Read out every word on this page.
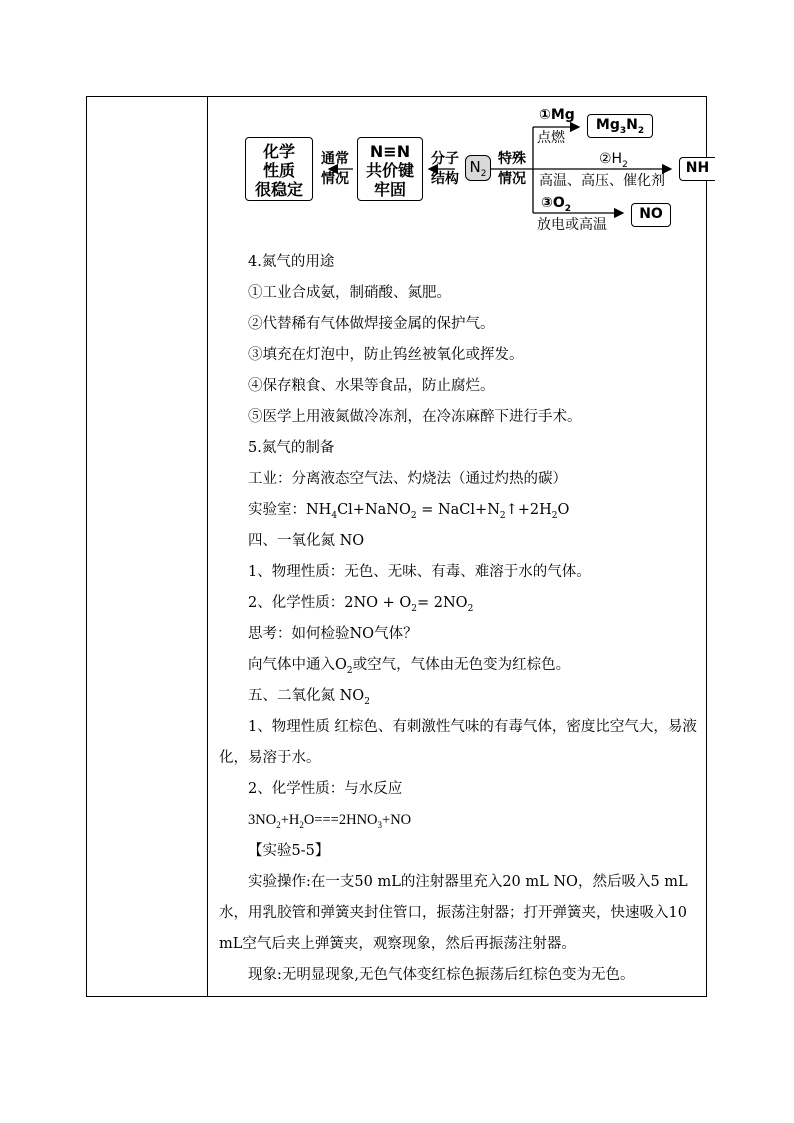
化学
性质
很稳定
通常
情况
N≡N
共价键
牢固
分子
结构
$N_2$
特殊
情况
①Mg
点燃
$Mg_3N_2$
$②H_2$
高温、高压、催化剂
NH
$③O_2$
放电或高温
NO

4.氮气的用途

①工业合成氨，制硝酸、氮肥。

②代替稀有气体做焊接金属的保护气。

③填充在灯泡中，防止钨丝被氧化或挥发。

④保存粮食、水果等食品，防止腐烂。

⑤医学上用液氮做冷冻剂，在冷冻麻醉下进行手术。

5.氮气的制备

工业：分离液态空气法、灼烧法（通过灼热的碳）

实验室：$NH_4Cl+NaNO_2$ = $NaCl+N_2↑+2H_2O$

四、一氧化氮 NO

1、物理性质：无色、无味、有毒、难溶于水的气体。

2、化学性质：$2NO + O_2= 2NO_2$

思考：如何检验NO气体？

向气体中通入$O_2$或空气，气体由无色变为红棕色。

五、二氧化氮 $NO_2$

1、物理性质 红棕色、有刺激性气味的有毒气体，密度比空气大，易液化，易溶于水。

2、化学性质：与水反应

$3NO_2+H_2O===2HNO_3+NO$

【实验5-5】

实验操作:在一支50 mL的注射器里充入20 mL NO，然后吸入5 mL水，用乳胶管和弹簧夹封住管口，振荡注射器；打开弹簧夹，快速吸入10 mL空气后夹上弹簧夹，观察现象，然后再振荡注射器。

现象:无明显现象,无色气体变红棕色振荡后红棕色变为无色。
